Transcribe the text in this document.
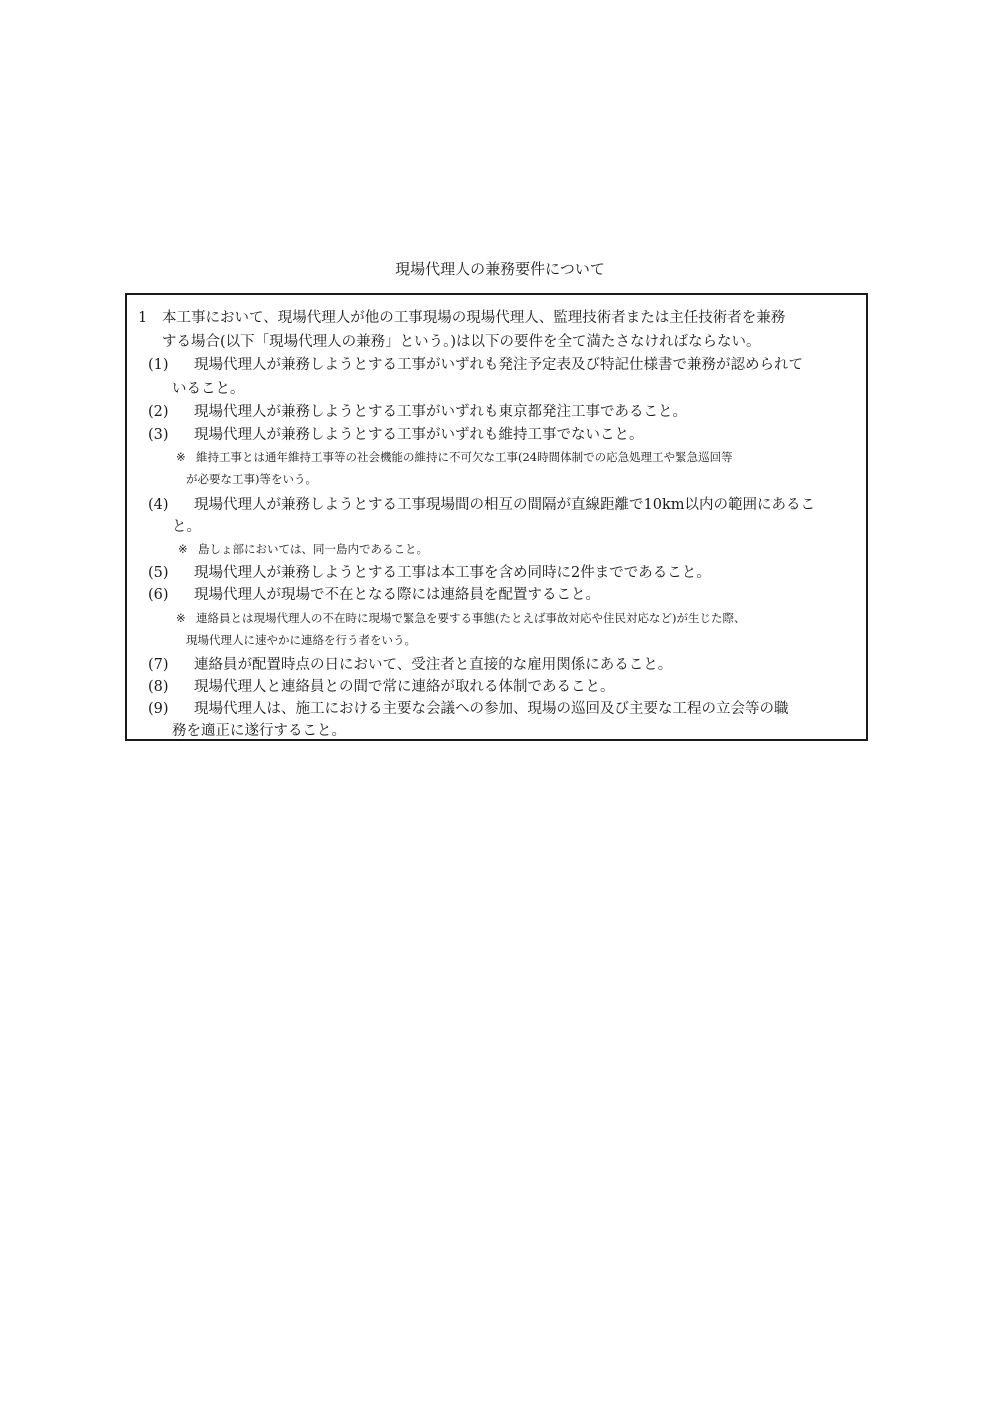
現場代理人の兼務要件について
1 本工事において、現場代理人が他の工事現場の現場代理人、監理技術者または主任技術者を兼務
する場合(以下「現場代理人の兼務」という。)は以下の要件を全て満たさなければならない。
(1) 現場代理人が兼務しようとする工事がいずれも発注予定表及び特記仕様書で兼務が認められて
いること。
(2) 現場代理人が兼務しようとする工事がいずれも東京都発注工事であること。
(3) 現場代理人が兼務しようとする工事がいずれも維持工事でないこと。
※ 維持工事とは通年維持工事等の社会機能の維持に不可欠な工事(24時間体制での応急処理工や緊急巡回等
が必要な工事)等をいう。
(4) 現場代理人が兼務しようとする工事現場間の相互の間隔が直線距離で10km以内の範囲にあるこ
と。
※ 島しょ部においては、同一島内であること。
(5) 現場代理人が兼務しようとする工事は本工事を含め同時に2件までであること。
(6) 現場代理人が現場で不在となる際には連絡員を配置すること。
※ 連絡員とは現場代理人の不在時に現場で緊急を要する事態(たとえば事故対応や住民対応など)が生じた際、
現場代理人に速やかに連絡を行う者をいう。
(7) 連絡員が配置時点の日において、受注者と直接的な雇用関係にあること。
(8) 現場代理人と連絡員との間で常に連絡が取れる体制であること。
(9) 現場代理人は、施工における主要な会議への参加、現場の巡回及び主要な工程の立会等の職
務を適正に遂行すること。
